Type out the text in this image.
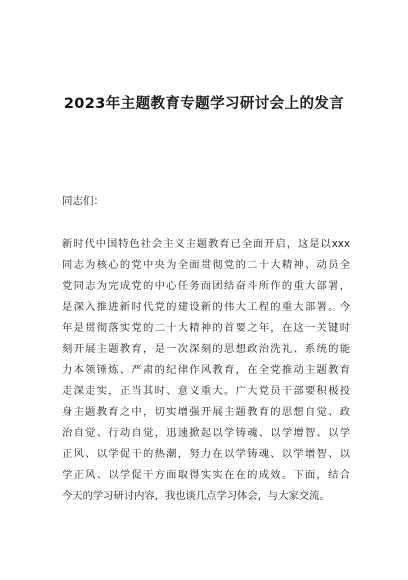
2023年主题教育专题学习研讨会上的发言

同志们：

新时代中国特色社会主义主题教育已全面开启，这是以xxx
同志为核心的党中央为全面贯彻党的二十大精神、动员全
党同志为完成党的中心任务而团结奋斗所作的重大部署，
是深入推进新时代党的建设新的伟大工程的重大部署。今
年是贯彻落实党的二十大精神的首要之年，在这一关键时
刻开展主题教育，是一次深刻的思想政治洗礼、系统的能
力本领锤炼、严肃的纪律作风教育，在全党推动主题教育
走深走实，正当其时、意义重大。广大党员干部要积极投
身主题教育之中，切实增强开展主题教育的思想自觉、政
治自觉、行动自觉，迅速掀起以学铸魂、以学增智、以学
正风、以学促干的热潮，努力在以学铸魂、以学增智、以
学正风、以学促干方面取得实实在在的成效。下面，结合
今天的学习研讨内容，我也谈几点学习体会，与大家交流。
